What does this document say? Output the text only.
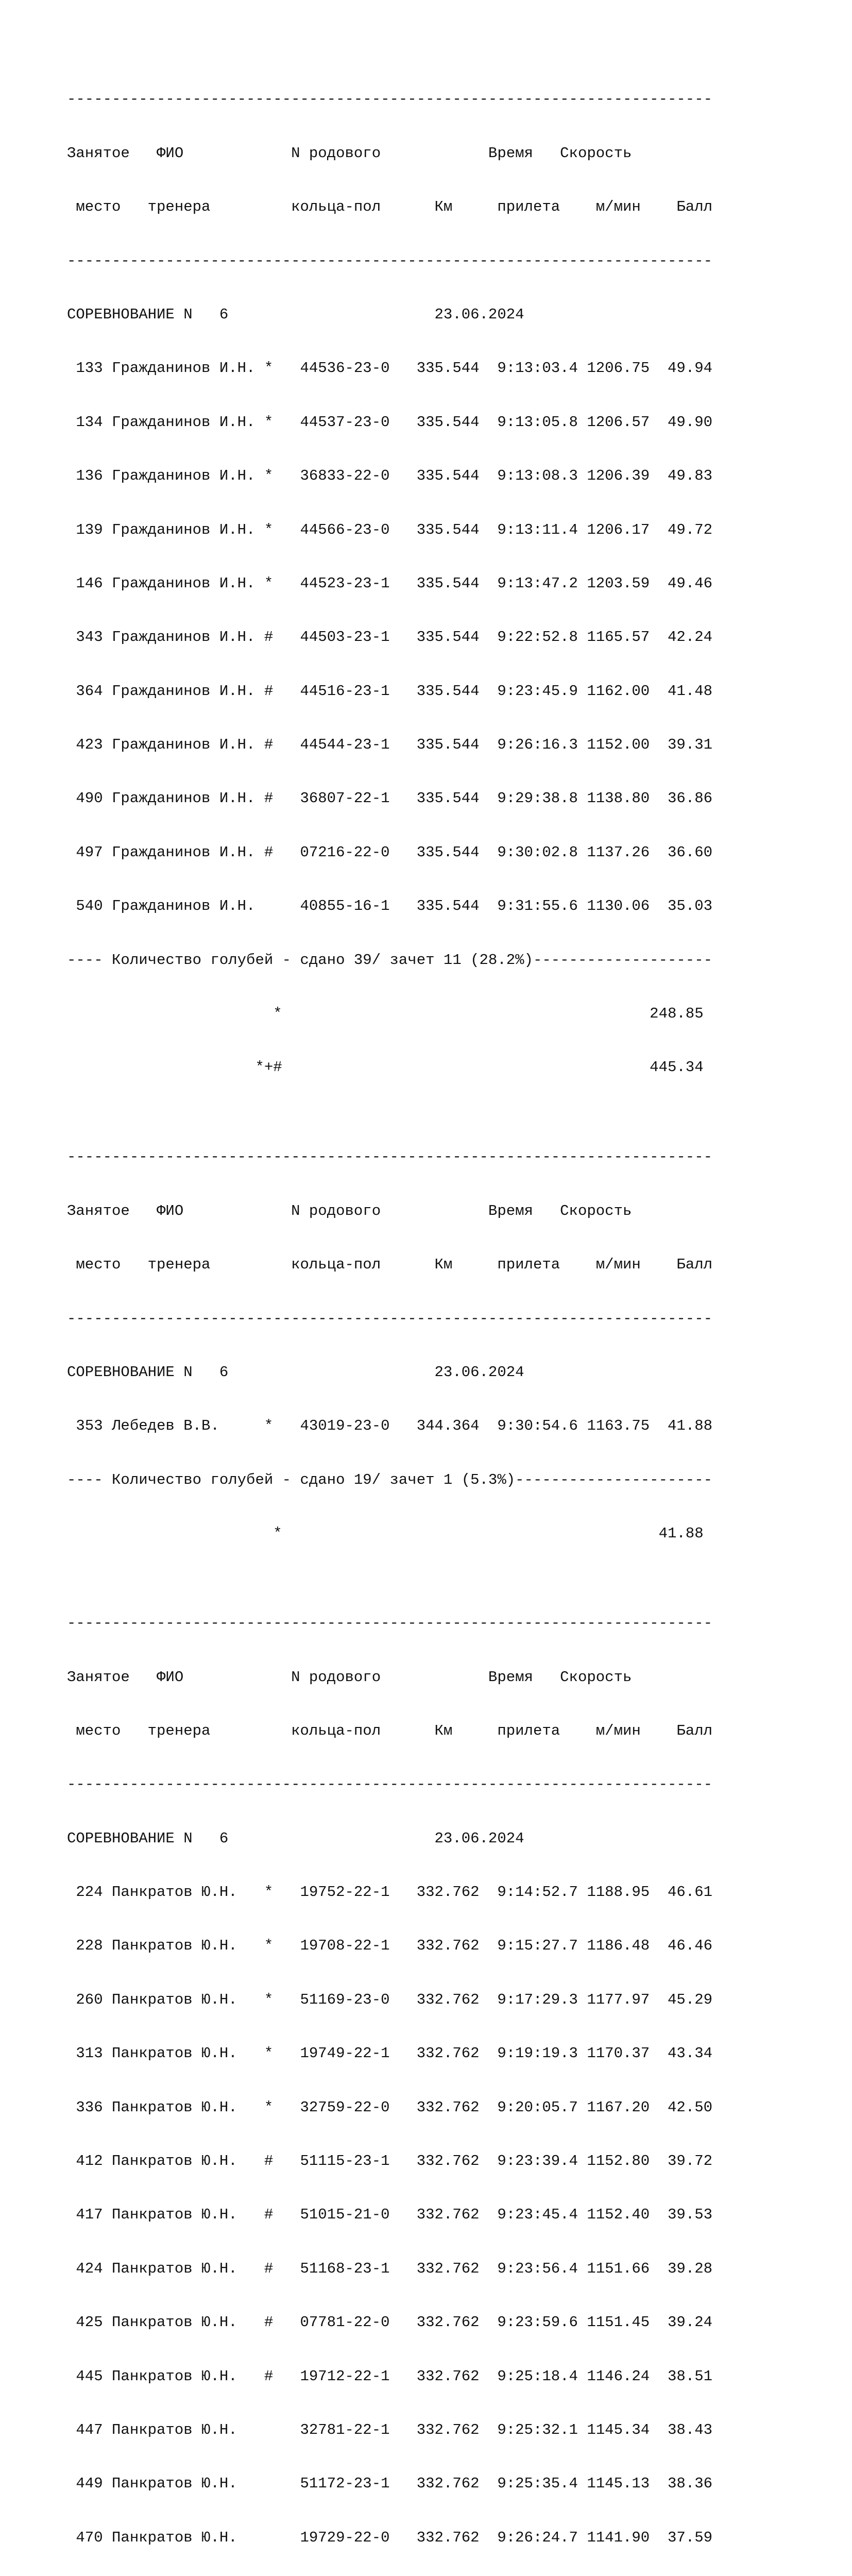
------------------------------------------------------------------------

Занятое   ФИО            N родового            Время   Скорость

место   тренера         кольца-пол      Км     прилета    м/мин    Балл

------------------------------------------------------------------------

СОРЕВНОВАНИЕ N   6                       23.06.2024

133 Гражданинов И.Н. *   44536-23-0   335.544  9:13:03.4 1206.75  49.94

134 Гражданинов И.Н. *   44537-23-0   335.544  9:13:05.8 1206.57  49.90

136 Гражданинов И.Н. *   36833-22-0   335.544  9:13:08.3 1206.39  49.83

139 Гражданинов И.Н. *   44566-23-0   335.544  9:13:11.4 1206.17  49.72

146 Гражданинов И.Н. *   44523-23-1   335.544  9:13:47.2 1203.59  49.46

343 Гражданинов И.Н. #   44503-23-1   335.544  9:22:52.8 1165.57  42.24

364 Гражданинов И.Н. #   44516-23-1   335.544  9:23:45.9 1162.00  41.48

423 Гражданинов И.Н. #   44544-23-1   335.544  9:26:16.3 1152.00  39.31

490 Гражданинов И.Н. #   36807-22-1   335.544  9:29:38.8 1138.80  36.86

497 Гражданинов И.Н. #   07216-22-0   335.544  9:30:02.8 1137.26  36.60

540 Гражданинов И.Н.     40855-16-1   335.544  9:31:55.6 1130.06  35.03

---- Количество голубей - сдано 39/ зачет 11 (28.2%)--------------------

*                                         248.85

*+#                                         445.34

------------------------------------------------------------------------

Занятое   ФИО            N родового            Время   Скорость

место   тренера         кольца-пол      Км     прилета    м/мин    Балл

------------------------------------------------------------------------

СОРЕВНОВАНИЕ N   6                       23.06.2024

353 Лебедев В.В.     *   43019-23-0   344.364  9:30:54.6 1163.75  41.88

---- Количество голубей - сдано 19/ зачет 1 (5.3%)----------------------

*                                          41.88

------------------------------------------------------------------------

Занятое   ФИО            N родового            Время   Скорость

место   тренера         кольца-пол      Км     прилета    м/мин    Балл

------------------------------------------------------------------------

СОРЕВНОВАНИЕ N   6                       23.06.2024

224 Панкратов Ю.Н.   *   19752-22-1   332.762  9:14:52.7 1188.95  46.61

228 Панкратов Ю.Н.   *   19708-22-1   332.762  9:15:27.7 1186.48  46.46

260 Панкратов Ю.Н.   *   51169-23-0   332.762  9:17:29.3 1177.97  45.29

313 Панкратов Ю.Н.   *   19749-22-1   332.762  9:19:19.3 1170.37  43.34

336 Панкратов Ю.Н.   *   32759-22-0   332.762  9:20:05.7 1167.20  42.50

412 Панкратов Ю.Н.   #   51115-23-1   332.762  9:23:39.4 1152.80  39.72

417 Панкратов Ю.Н.   #   51015-21-0   332.762  9:23:45.4 1152.40  39.53

424 Панкратов Ю.Н.   #   51168-23-1   332.762  9:23:56.4 1151.66  39.28

425 Панкратов Ю.Н.   #   07781-22-0   332.762  9:23:59.6 1151.45  39.24

445 Панкратов Ю.Н.   #   19712-22-1   332.762  9:25:18.4 1146.24  38.51

447 Панкратов Ю.Н.       32781-22-1   332.762  9:25:32.1 1145.34  38.43

449 Панкратов Ю.Н.       51172-23-1   332.762  9:25:35.4 1145.13  38.36

470 Панкратов Ю.Н.       19729-22-0   332.762  9:26:24.7 1141.90  37.59
